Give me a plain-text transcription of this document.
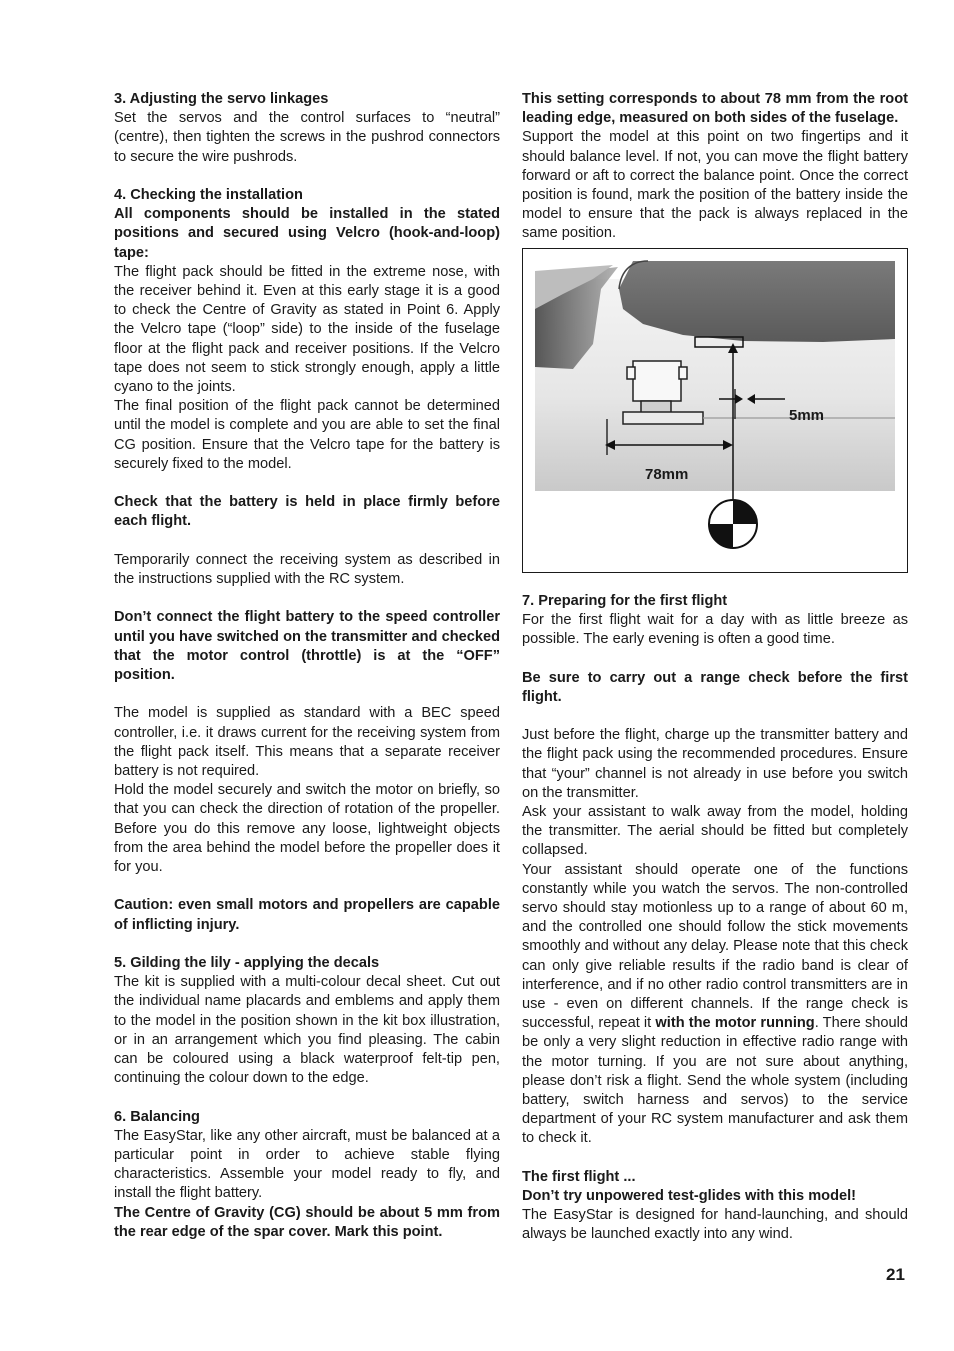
3. Adjusting the servo linkages

Set the servos and the control surfaces to “neutral” (centre), then tighten the screws in the pushrod connectors to secure the wire pushrods.

4. Checking the installation

All components should be installed in the stated positions and secured using Velcro (hook-and-loop) tape:

The flight pack should be fitted in the extreme nose, with the receiver behind it. Even at this early stage it is a good to check the Centre of Gravity as stated in Point 6. Apply the Velcro tape (“loop” side) to the inside of the fuselage floor at the flight pack and receiver positions. If the Velcro tape does not seem to stick strongly enough, apply a little cyano to the joints.

The final position of the flight pack cannot be determined until the model is complete and you are able to set the final CG position. Ensure that the Velcro tape for the battery is securely fixed to the model.

Check that the battery is held in place firmly before each flight.

Temporarily connect the receiving system as described in the instructions supplied with the RC system.

Don’t connect the flight battery to the speed controller until you have switched on the transmitter and checked that the motor control (throttle) is at the “OFF” position.

The model is supplied as standard with a BEC speed controller, i.e. it draws current for the receiving system from the flight pack itself. This means that a separate receiver battery is not required.

Hold the model securely and switch the motor on briefly, so that you can check the direction of rotation of the propeller. Before you do this remove any loose, lightweight objects from the area behind the model before the propeller does it for you.

Caution: even small motors and propellers are capable of inflicting injury.

5. Gilding the lily - applying the decals

The kit is supplied with a multi-colour decal sheet. Cut out the individual name placards and emblems and apply them to the model in the position shown in the kit box illustration, or in an arrangement which you find pleasing. The cabin can be coloured using a black waterproof felt-tip pen, continuing the colour down to the edge.

6. Balancing

The EasyStar, like any other aircraft, must be balanced at a particular point in order to achieve stable flying characteristics. Assemble your model ready to fly, and install the flight battery.

The Centre of Gravity (CG) should be about 5 mm from the rear edge of the spar cover. Mark this point.

This setting corresponds to about 78 mm from the root leading edge, measured on both sides of the fuselage.

Support the model at this point on two fingertips and it should balance level. If not, you can move the flight battery forward or aft to correct the balance point. Once the correct position is found, mark the position of the battery inside the model to ensure that the pack is always replaced in the same position.

5mm
78mm

7. Preparing for the first flight

For the first flight wait for a day with as little breeze as possible. The early evening is often a good time.

Be sure to carry out a range check before the first flight.

Just before the flight, charge up the transmitter battery and the flight pack using the recommended procedures. Ensure that “your” channel is not already in use before you switch on the transmitter.

Ask your assistant to walk away from the model, holding the transmitter. The aerial should be fitted but completely collapsed.

Your assistant should operate one of the functions constantly while you watch the servos. The non-controlled servo should stay motionless up to a range of about 60 m, and the controlled one should follow the stick movements smoothly and without any delay. Please note that this check can only give reliable results if the radio band is clear of interference, and if no other radio control transmitters are in use - even on different channels. If the range check is successful, repeat it with the motor running. There should be only a very slight reduction in effective radio range with the motor turning. If you are not sure about anything, please don’t risk a flight. Send the whole system (including battery, switch harness and servos) to the service department of your RC system manufacturer and ask them to check it.

The first flight ...

Don’t try unpowered test-glides with this model!

The EasyStar is designed for hand-launching, and should always be launched exactly into any wind.

21
